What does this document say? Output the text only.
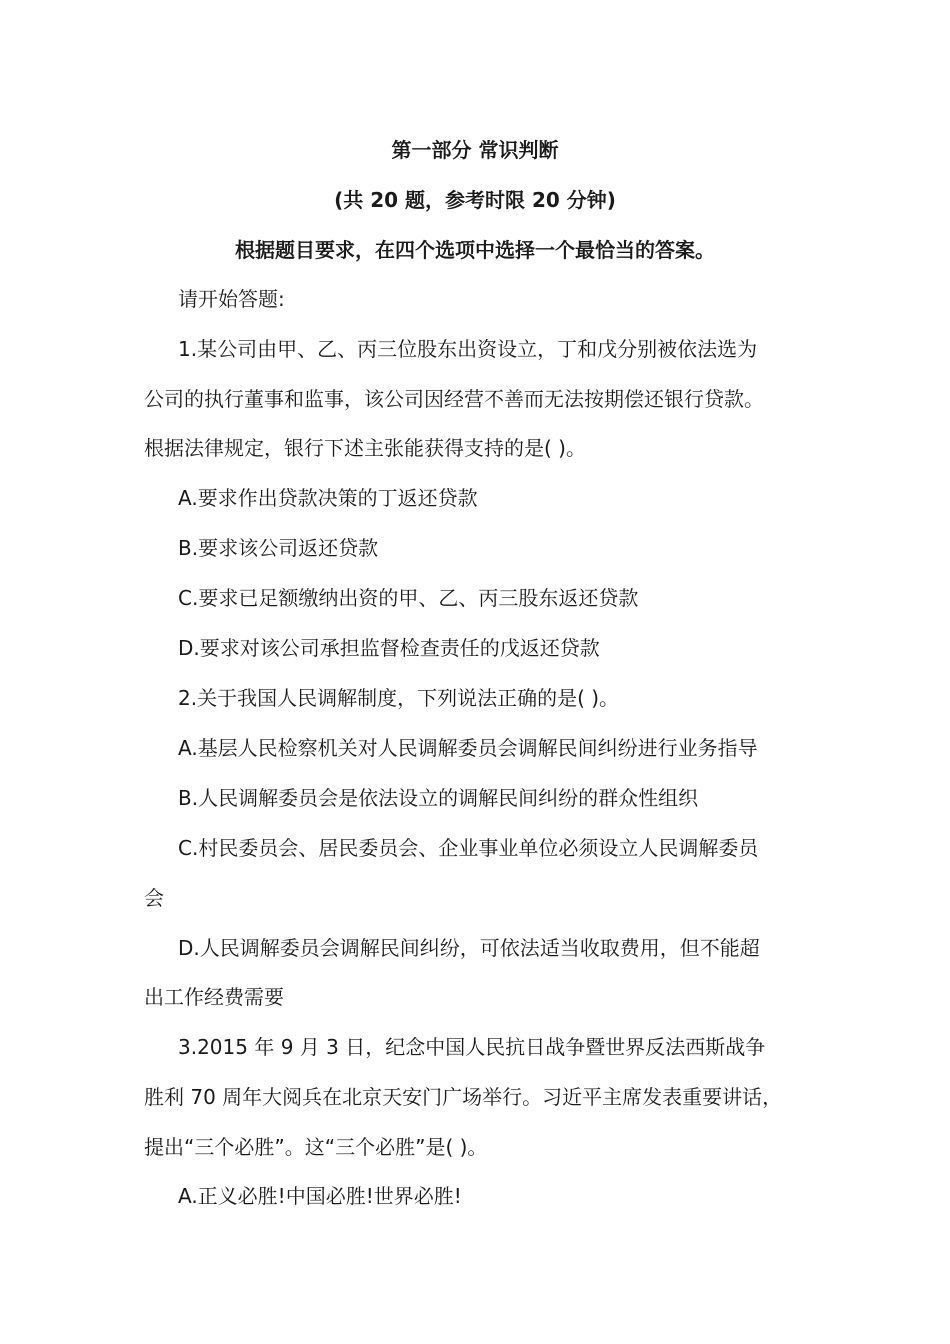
第一部分 常识判断
(共 20 题，参考时限 20 分钟)
根据题目要求，在四个选项中选择一个最恰当的答案。
请开始答题:
1.某公司由甲、乙、丙三位股东出资设立，丁和戊分别被依法选为
公司的执行董事和监事，该公司因经营不善而无法按期偿还银行贷款。
根据法律规定，银行下述主张能获得支持的是( )。
A.要求作出贷款决策的丁返还贷款
B.要求该公司返还贷款
C.要求已足额缴纳出资的甲、乙、丙三股东返还贷款
D.要求对该公司承担监督检查责任的戊返还贷款
2.关于我国人民调解制度，下列说法正确的是( )。
A.基层人民检察机关对人民调解委员会调解民间纠纷进行业务指导
B.人民调解委员会是依法设立的调解民间纠纷的群众性组织
C.村民委员会、居民委员会、企业事业单位必须设立人民调解委员
会
D.人民调解委员会调解民间纠纷，可依法适当收取费用，但不能超
出工作经费需要
3.2015 年 9 月 3 日，纪念中国人民抗日战争暨世界反法西斯战争
胜利 70 周年大阅兵在北京天安门广场举行。习近平主席发表重要讲话，
提出“三个必胜”。这“三个必胜”是( )。
A.正义必胜!中国必胜!世界必胜!
